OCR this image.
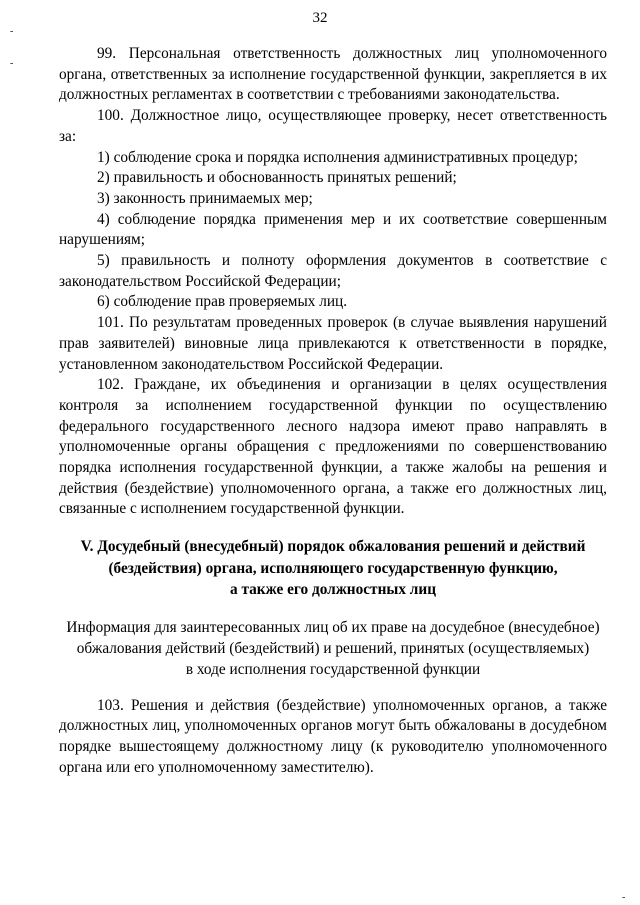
32
-
-
-

99. Персональная ответственность должностных лиц уполномоченного органа, ответственных за исполнение государственной функции, закрепляется в их должностных регламентах в соответствии с требованиями законодательства.

100. Должностное лицо, осуществляющее проверку, несет ответственность за:

1) соблюдение срока и порядка исполнения административных процедур;

2) правильность и обоснованность принятых решений;

3) законность принимаемых мер;

4) соблюдение порядка применения мер и их соответствие совершенным нарушениям;

5) правильность и полноту оформления документов в соответствие с законодательством Российской Федерации;

6) соблюдение прав проверяемых лиц.

101. По результатам проведенных проверок (в случае выявления нарушений прав заявителей) виновные лица привлекаются к ответственности в порядке, установленном законодательством Российской Федерации.

102. Граждане, их объединения и организации в целях осуществления контроля за исполнением государственной функции по осуществлению федерального государственного лесного надзора имеют право направлять в уполномоченные органы обращения с предложениями по совершенствованию порядка исполнения государственной функции, а также жалобы на решения и действия (бездействие) уполномоченного органа, а также его должностных лиц, связанные с исполнением государственной функции.

V. Досудебный (внесудебный) порядок обжалования решений и действий
(бездействия) органа, исполняющего государственную функцию,
а также его должностных лиц

Информация для заинтересованных лиц об их праве на досудебное (внесудебное)
обжалования действий (бездействий) и решений, принятых (осуществляемых)
в ходе исполнения государственной функции

103. Решения и действия (бездействие) уполномоченных органов, а также должностных лиц, уполномоченных органов могут быть обжалованы в досудебном порядке вышестоящему должностному лицу (к руководителю уполномоченного органа или его уполномоченному заместителю).
